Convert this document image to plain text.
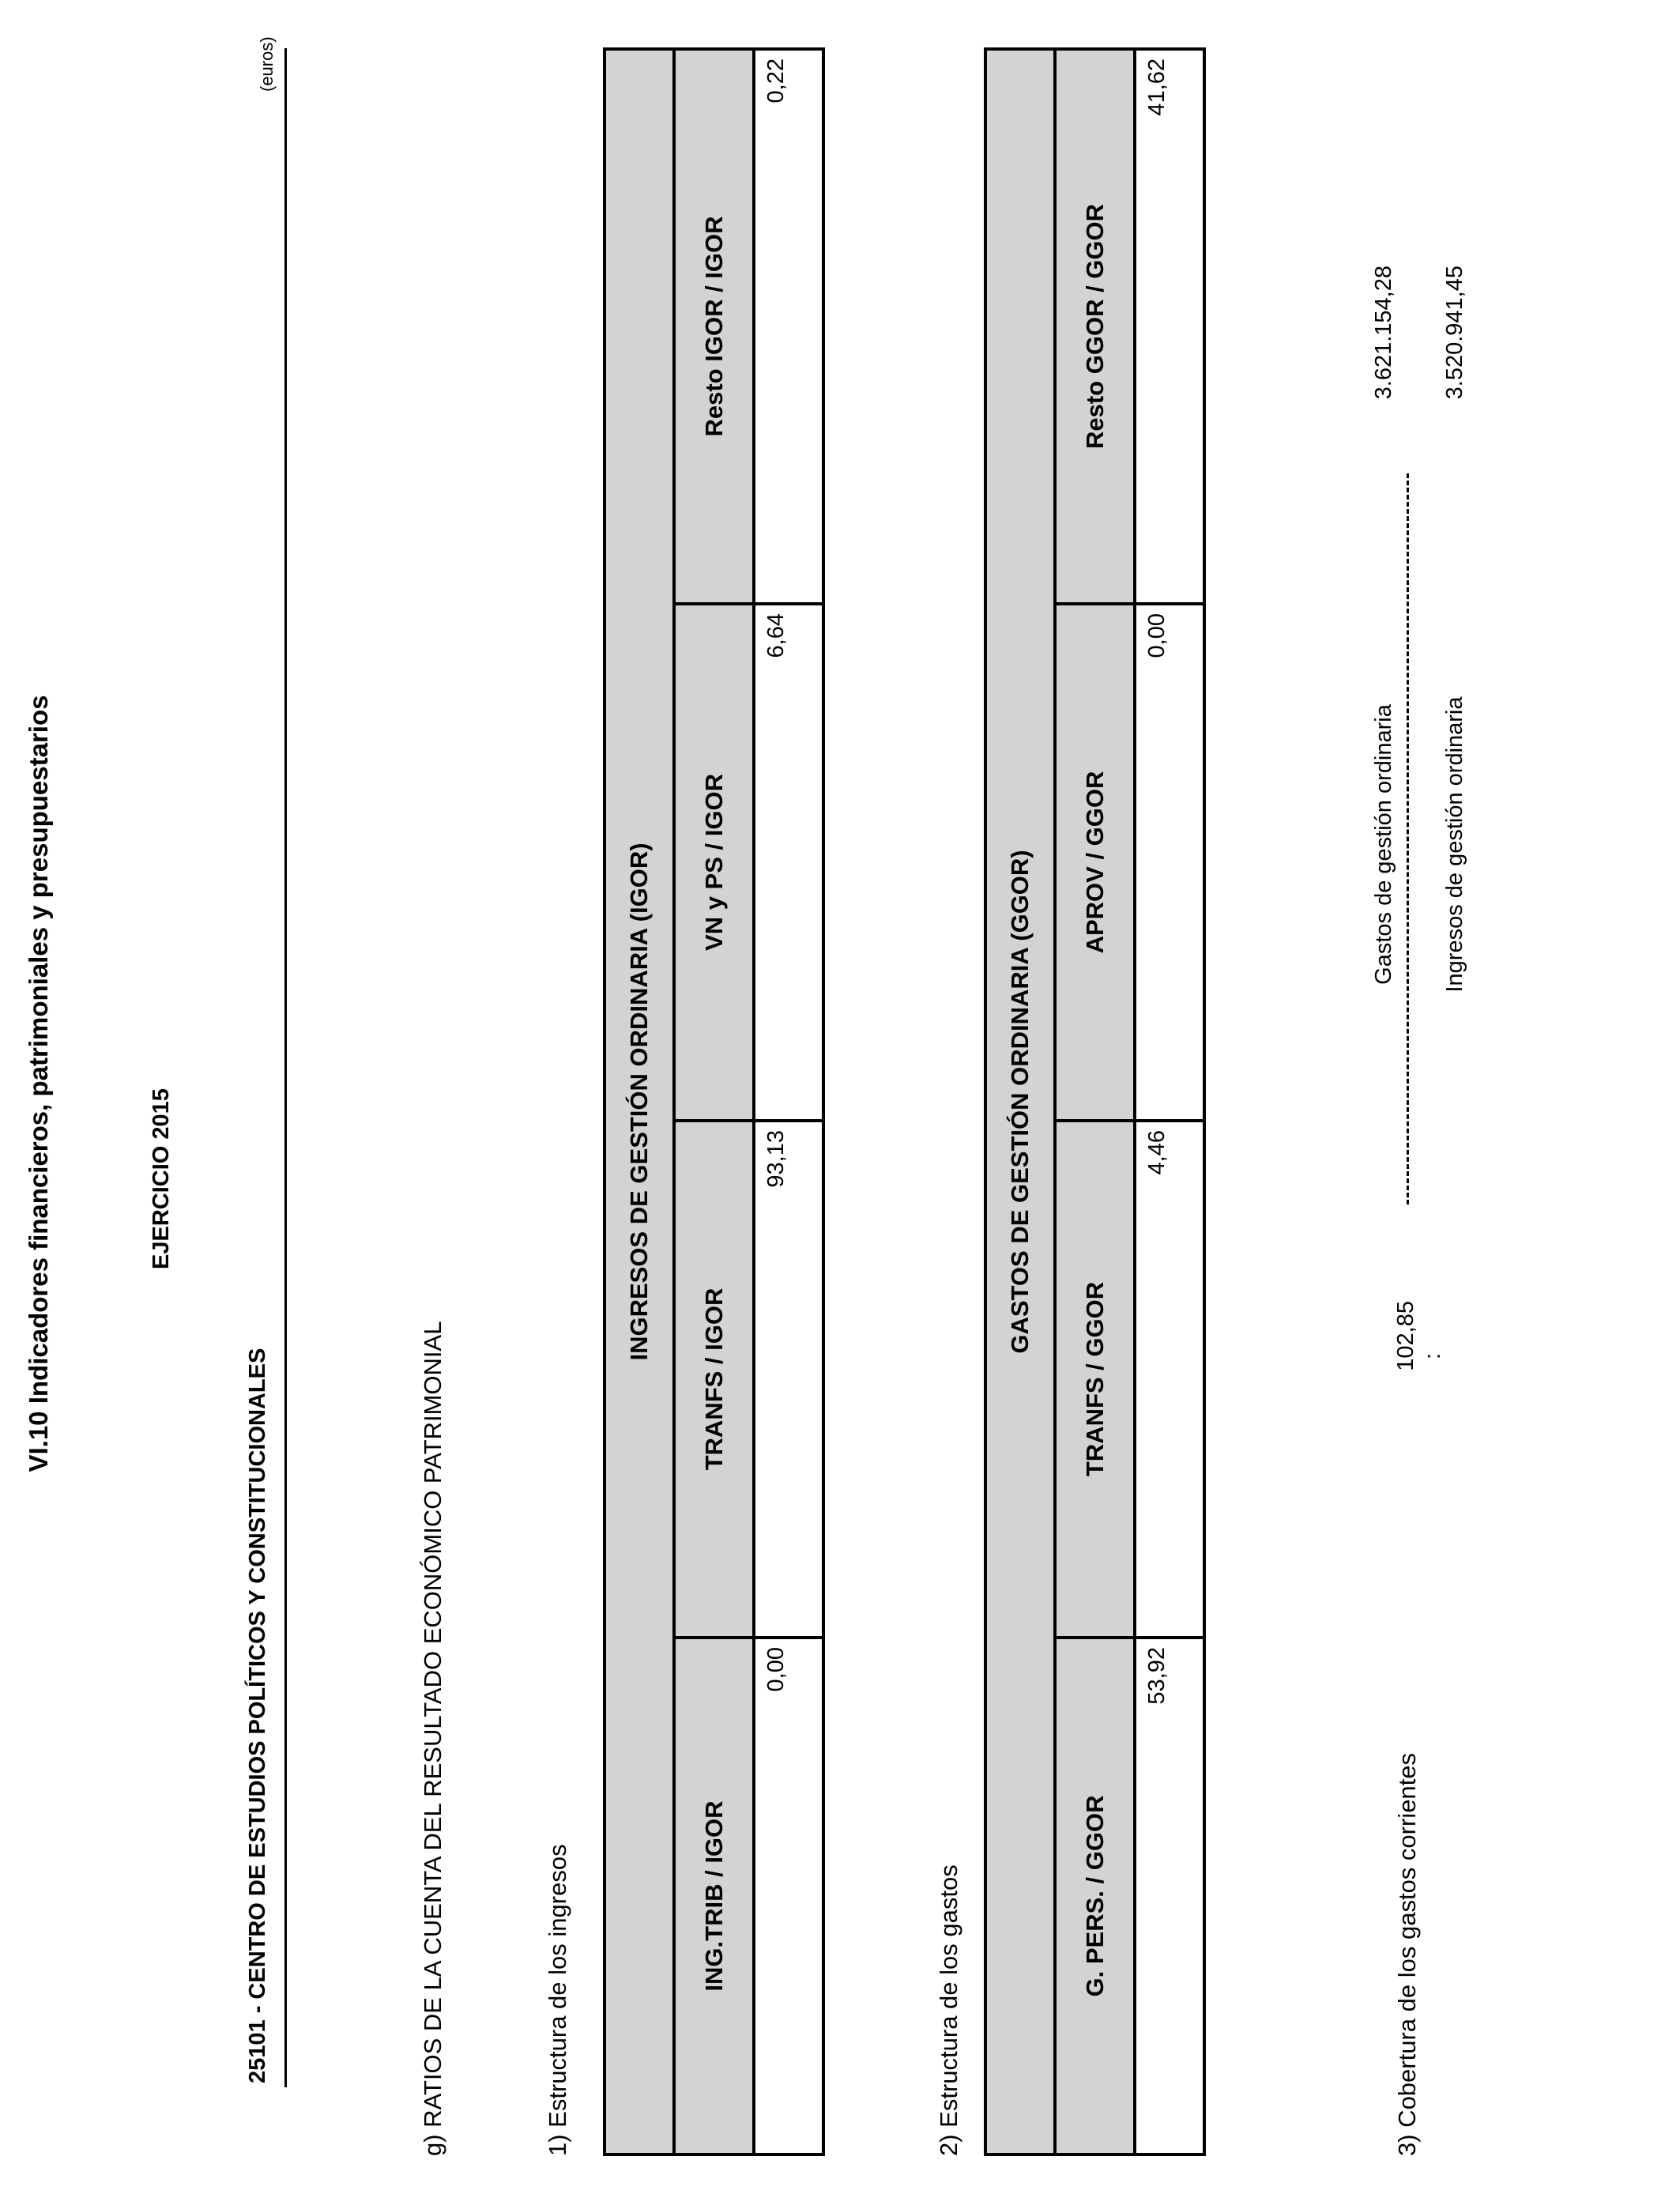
VI.10 Indicadores financieros, patrimoniales y presupuestarios	EJERCICIO 2015
25101 - CENTRO DE ESTUDIOS POLÍTICOS Y CONSTITUCIONALES
(euros)
g) RATIOS DE LA CUENTA DEL RESULTADO ECONÓMICO PATRIMONIAL	1) Estructura de los ingresos
INGRESOS DE GESTIÓN ORDINARIA (IGOR)			
ING.TRIB / IGOR	TRANFS / IGOR	VN y PS / IGOR	Resto IGOR / IGOR
0,00	93,13	6,64	0,22
2) Estructura de los gastos
GASTOS DE GESTIÓN ORDINARIA (GGOR)			
G. PERS. / GGOR	TRANFS / GGOR	APROV / GGOR	Resto GGOR / GGOR
53,92	4,46	0,00	41,62
3) Cobertura de los gastos corrientes
102,85 :
Gastos de gestión ordinaria Ingresos de gestión ordinaria
3.621.154,28 3.520.941,45
